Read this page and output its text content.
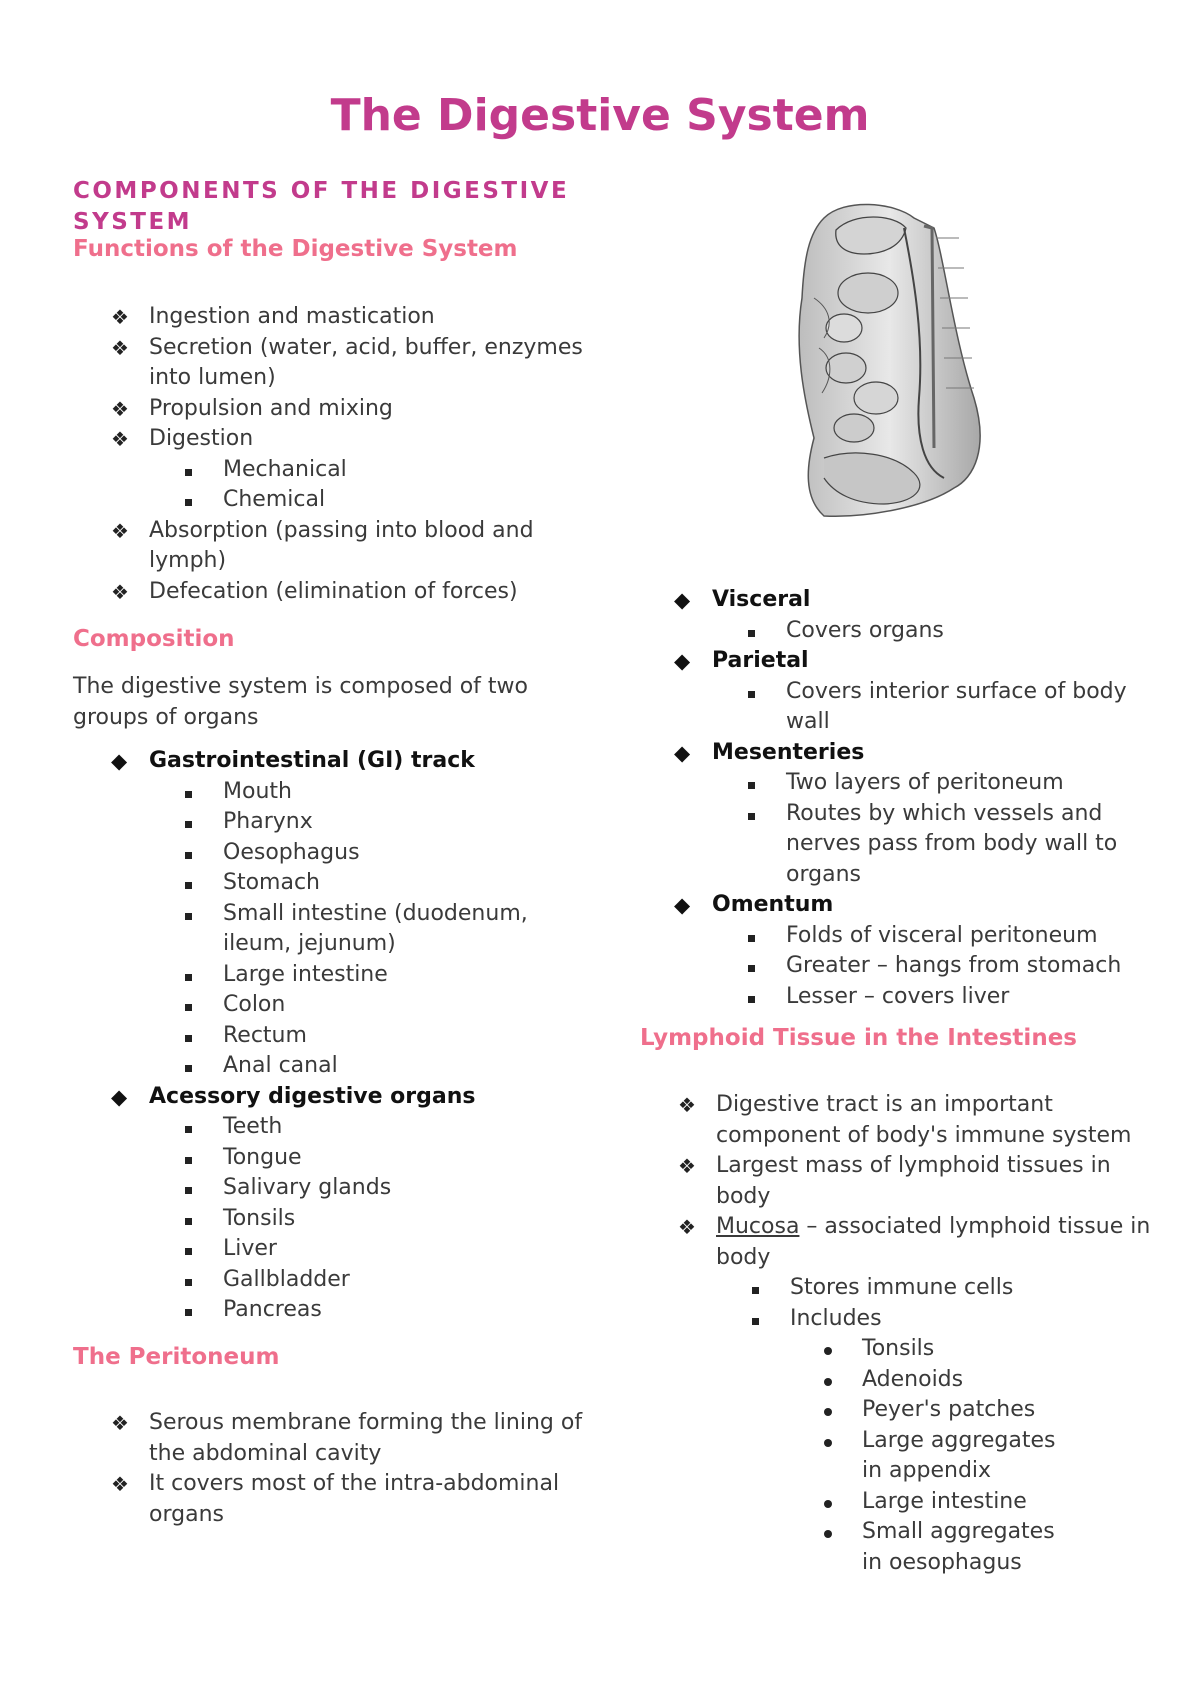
The Digestive System
COMPONENTS OF THE DIGESTIVE SYSTEM
Functions of the Digestive System
❖ Ingestion and mastication
❖ Secretion (water, acid, buffer, enzymes into lumen)
❖ Propulsion and mixing
❖ Digestion
Mechanical
Chemical
❖ Absorption (passing into blood and lymph)
❖ Defecation (elimination of forces)
Composition

The digestive system is composed of two groups of organs

◆ Gastrointestinal (GI) track
Mouth
Pharynx
Oesophagus
Stomach
Small intestine (duodenum, ileum, jejunum)
Large intestine
Colon
Rectum
Anal canal
◆ Acessory digestive organs
Teeth
Tongue
Salivary glands
Tonsils
Liver
Gallbladder
Pancreas
The Peritoneum
❖ Serous membrane forming the lining of the abdominal cavity
❖ It covers most of the intra-abdominal organs
◆ Visceral
Covers organs
◆ Parietal
Covers interior surface of body wall
◆ Mesenteries
Two layers of peritoneum
Routes by which vessels and nerves pass from body wall to organs
◆ Omentum
Folds of visceral peritoneum
Greater – hangs from stomach
Lesser – covers liver
Lymphoid Tissue in the Intestines
❖ Digestive tract is an important component of body's immune system
❖ Largest mass of lymphoid tissues in body
❖ Mucosa – associated lymphoid tissue in body
Stores immune cells
Includes
Tonsils
Adenoids
Peyer's patches
Large aggregates in appendix
Large intestine
Small aggregates in oesophagus
